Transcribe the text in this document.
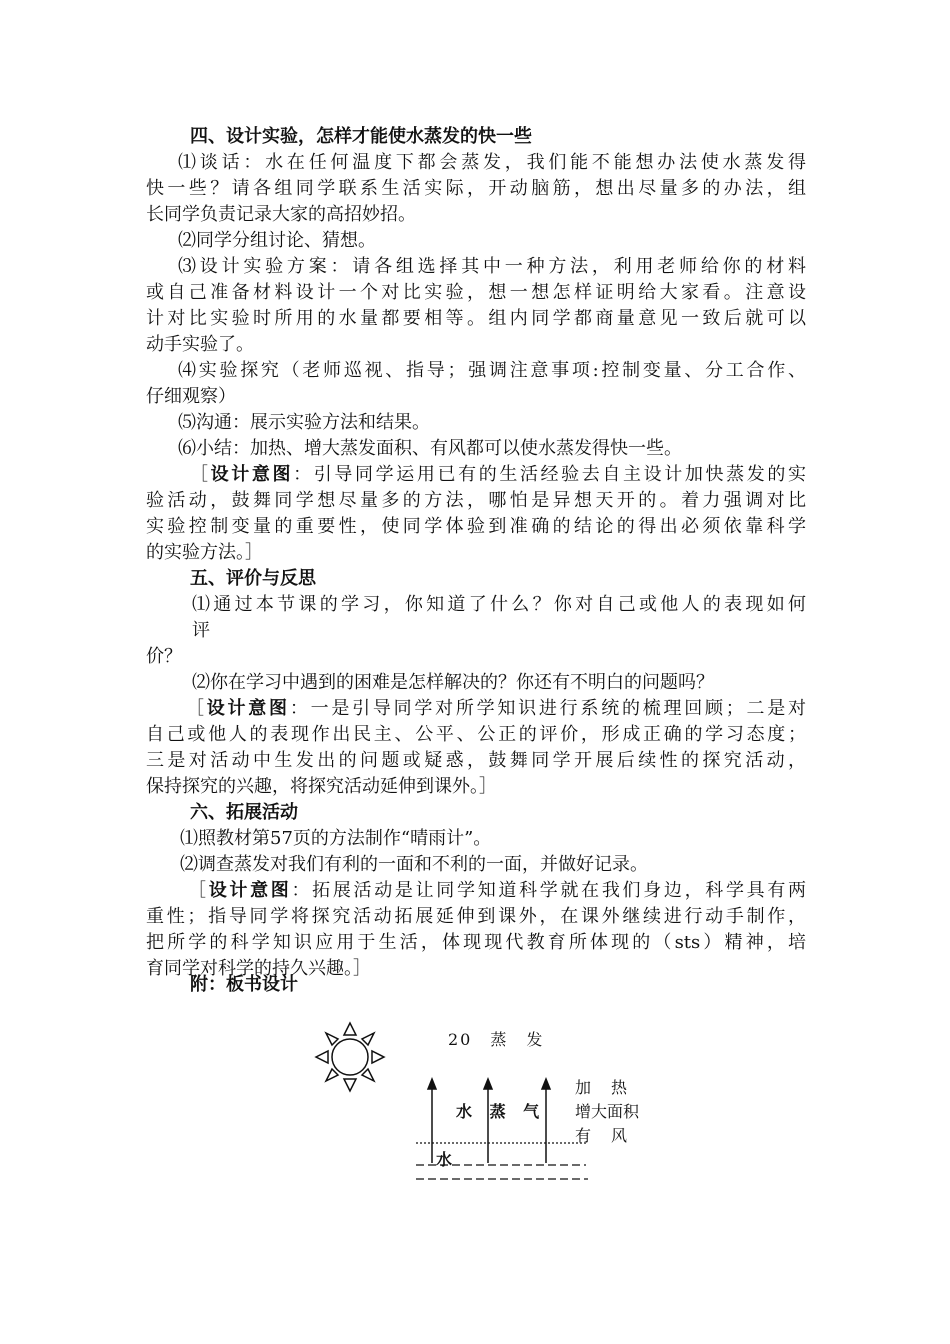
四、设计实验，怎样才能使水蒸发的快一些
⑴谈话：水在任何温度下都会蒸发，我们能不能想办法使水蒸发得
快一些？请各组同学联系生活实际，开动脑筋，想出尽量多的办法，组
长同学负责记录大家的高招妙招。
⑵同学分组讨论、猜想。
⑶设计实验方案：请各组选择其中一种方法，利用老师给你的材料
或自己准备材料设计一个对比实验，想一想怎样证明给大家看。注意设
计对比实验时所用的水量都要相等。组内同学都商量意见一致后就可以
动手实验了。
⑷实验探究（老师巡视、指导；强调注意事项:控制变量、分工合作、
仔细观察）
⑸沟通：展示实验方法和结果。
⑹小结：加热、增大蒸发面积、有风都可以使水蒸发得快一些。
［设计意图：引导同学运用已有的生活经验去自主设计加快蒸发的实
验活动，鼓舞同学想尽量多的方法，哪怕是异想天开的。着力强调对比
实验控制变量的重要性，使同学体验到准确的结论的得出必须依靠科学
的实验方法。］
五、评价与反思
⑴通过本节课的学习，你知道了什么？你对自己或他人的表现如何
评
价？
⑵你在学习中遇到的困难是怎样解决的？你还有不明白的问题吗？
［设计意图：一是引导同学对所学知识进行系统的梳理回顾；二是对
自己或他人的表现作出民主、公平、公正的评价，形成正确的学习态度；
三是对活动中生发出的问题或疑惑，鼓舞同学开展后续性的探究活动，
保持探究的兴趣，将探究活动延伸到课外。］
六、拓展活动
⑴照教材第57页的方法制作“晴雨计”。
⑵调查蒸发对我们有利的一面和不利的一面，并做好记录。
［设计意图：拓展活动是让同学知道科学就在我们身边，科学具有两
重性；指导同学将探究活动拓展延伸到课外，在课外继续进行动手制作，
把所学的科学知识应用于生活，体现现代教育所体现的（sts）精神，培
育同学对科学的持久兴趣。］
附：板书设计
20　蒸　发
水 蒸 气
水
加　热
增大面积
有　风
